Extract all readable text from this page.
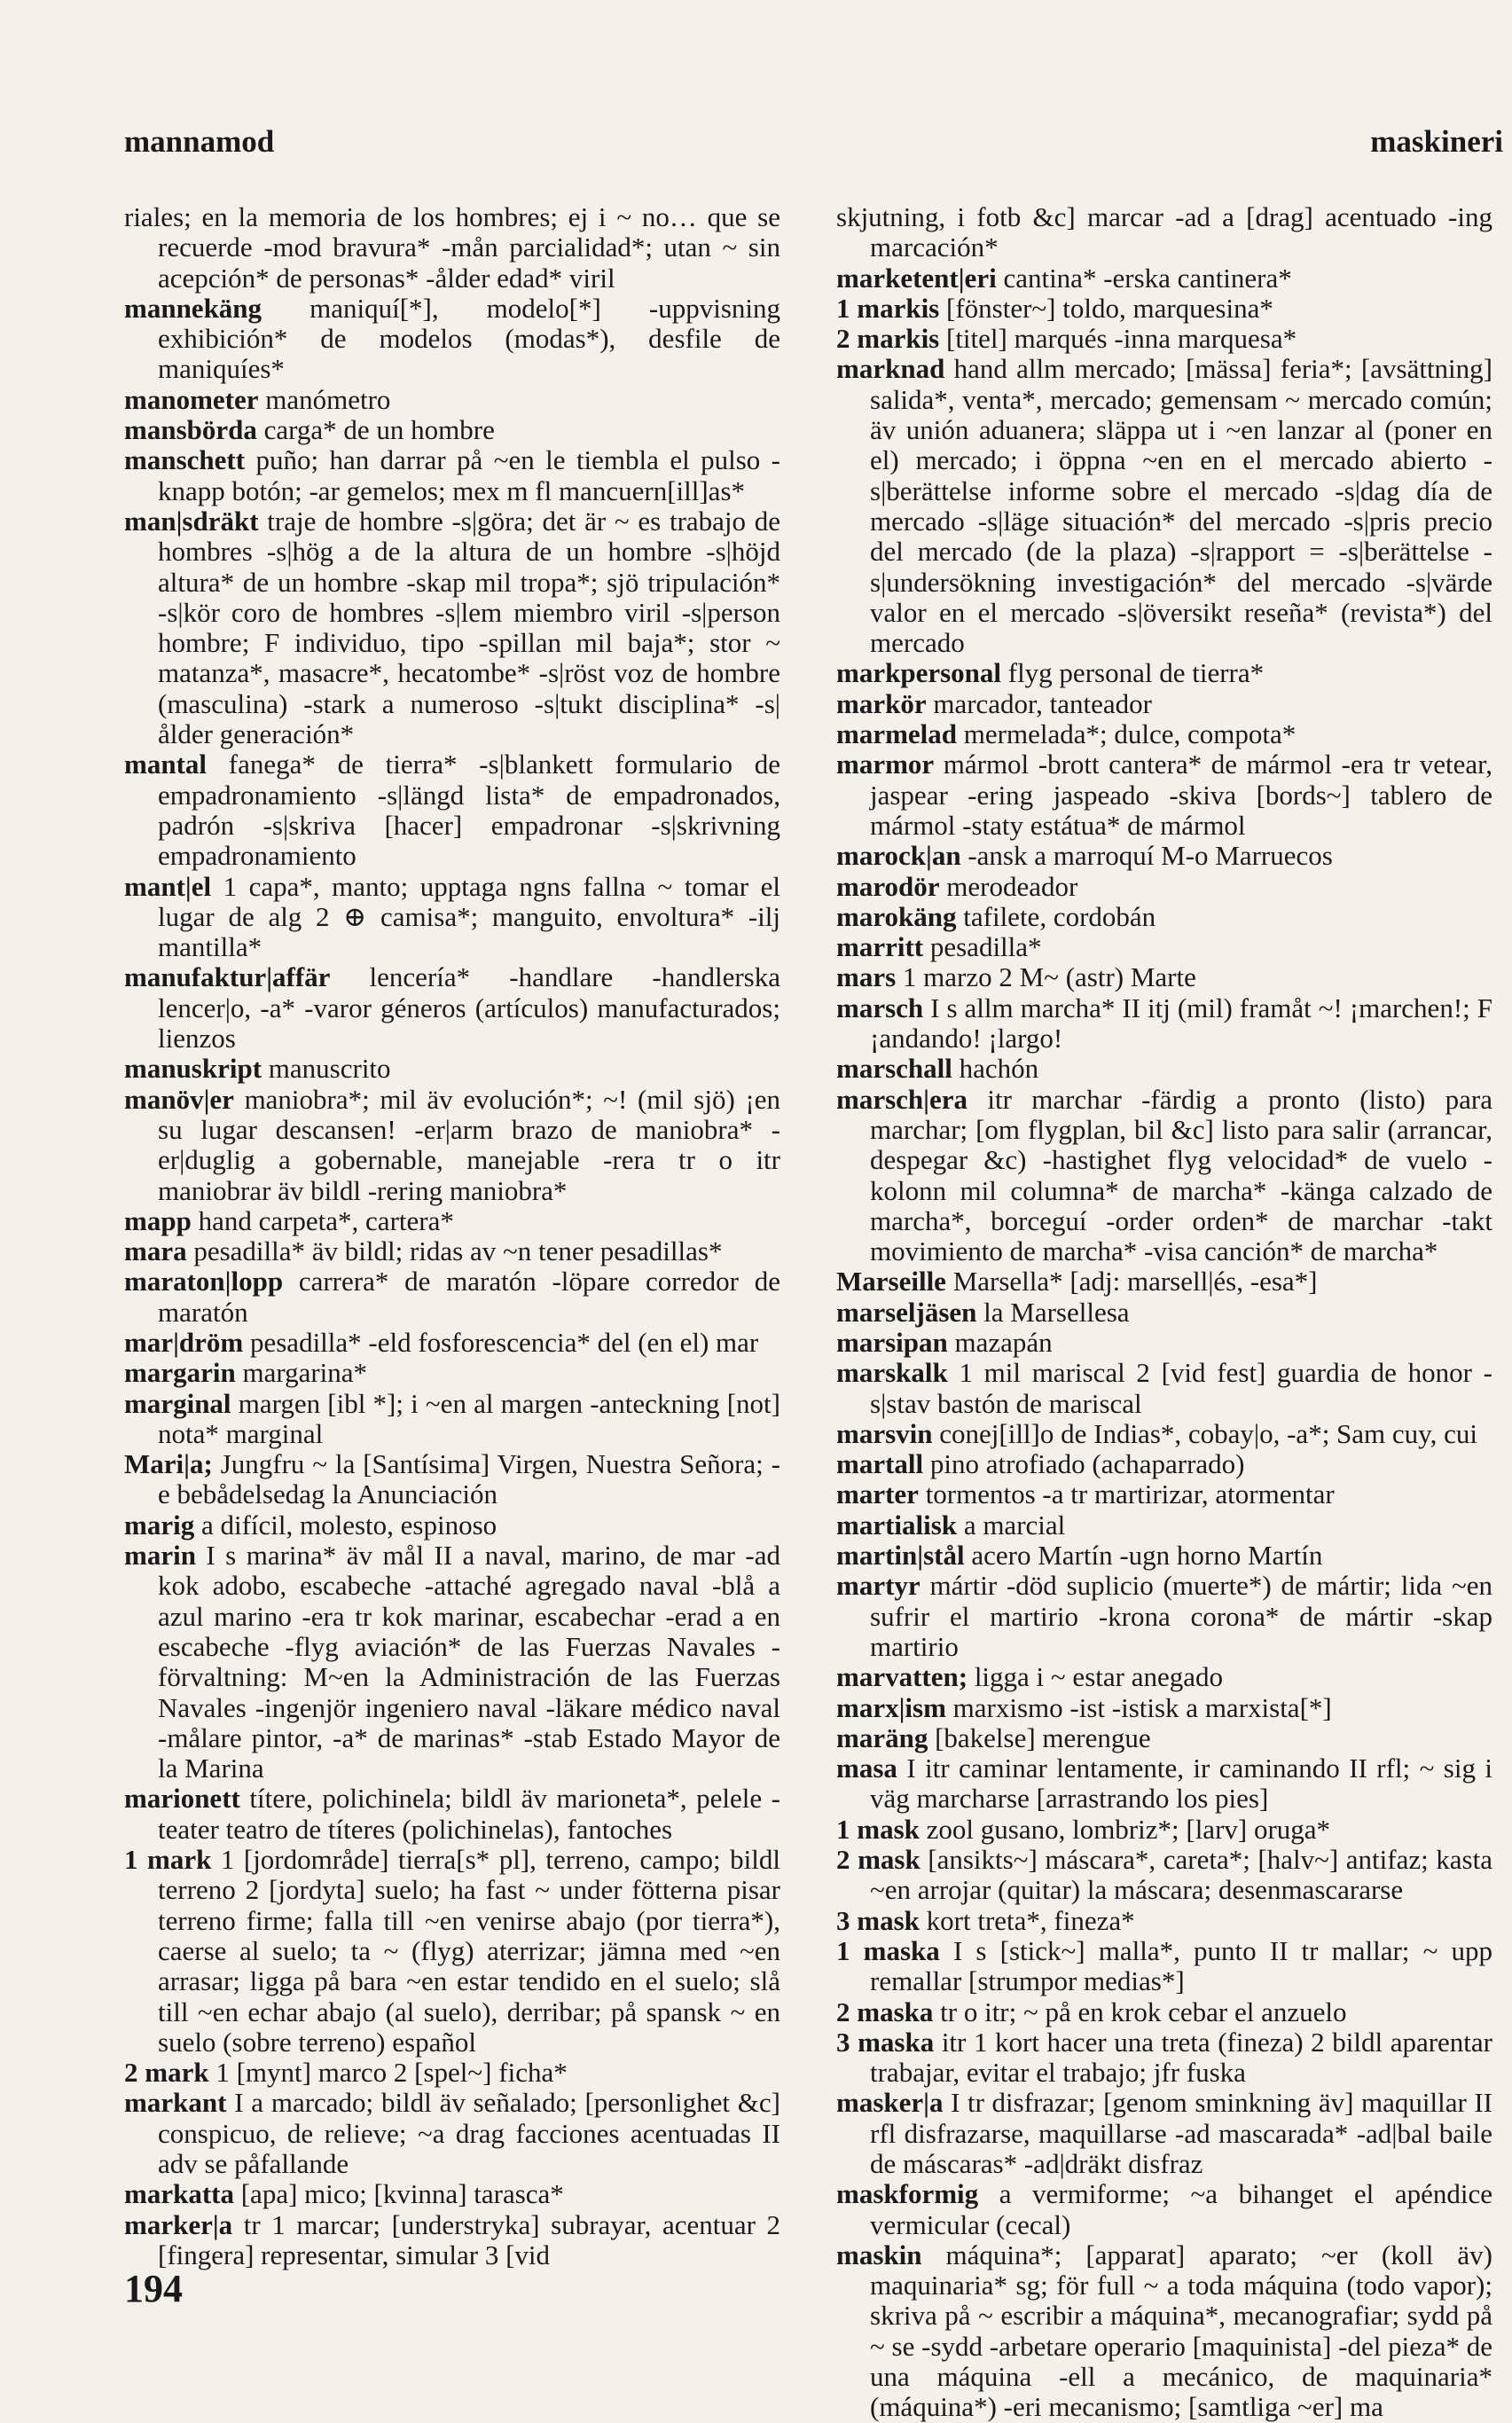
mannamod	maskineri

riales; en la memoria de los hombres; ej i ~ no… que se recuerde -mod bravura* -mån parcialidad*; utan ~ sin acepción* de personas* -ålder edad* viril

mannekäng maniquí[*], modelo[*] -uppvisning exhibición* de modelos (modas*), desfile de maniquíes*

manometer manómetro

mansbörda carga* de un hombre

manschett puño; han darrar på ~en le tiembla el pulso -knapp botón; -ar gemelos; mex m fl mancuern[ill]as*

man|sdräkt traje de hombre -s|göra; det är ~ es trabajo de hombres -s|hög a de la altura de un hombre -s|höjd altura* de un hombre -skap mil tropa*; sjö tripulación* -s|kör coro de hombres -s|lem miembro viril -s|person hombre; F individuo, tipo -spillan mil baja*; stor ~ matanza*, masacre*, hecatombe* -s|röst voz de hombre (masculina) -stark a numeroso -s|tukt disciplina* -s|ålder generación*

mantal fanega* de tierra* -s|blankett formulario de empadronamiento -s|längd lista* de empadronados, padrón -s|skriva [hacer] empadronar -s|skrivning empadronamiento

mant|el 1 capa*, manto; upptaga ngns fallna ~ tomar el lugar de alg 2 ⊕ camisa*; manguito, envoltura* -ilj mantilla*

manufaktur|affär lencería* -handlare -handlerska lencer|o, -a* -varor géneros (artículos) manufacturados; lienzos

manuskript manuscrito

manöv|er maniobra*; mil äv evolución*; ~! (mil sjö) ¡en su lugar descansen! -er|arm brazo de maniobra* -er|duglig a gobernable, manejable -rera tr o itr maniobrar äv bildl -rering maniobra*

mapp hand carpeta*, cartera*

mara pesadilla* äv bildl; ridas av ~n tener pesadillas*

maraton|lopp carrera* de maratón -löpare corredor de maratón

mar|dröm pesadilla* -eld fosforescencia* del (en el) mar

margarin margarina*

marginal margen [ibl *]; i ~en al margen -anteckning [not] nota* marginal

Mari|a; Jungfru ~ la [Santísima] Virgen, Nuestra Señora; -e bebådelsedag la Anunciación

marig a difícil, molesto, espinoso

marin I s marina* äv mål II a naval, marino, de mar -ad kok adobo, escabeche -attaché agregado naval -blå a azul marino -era tr kok marinar, escabechar -erad a en escabeche -flyg aviación* de las Fuerzas Navales -förvaltning: M~en la Administración de las Fuerzas Navales -ingenjör ingeniero naval -läkare médico naval -målare pintor, -a* de marinas* -stab Estado Mayor de la Marina

marionett títere, polichinela; bildl äv marioneta*, pelele -teater teatro de títeres (polichinelas), fantoches

1 mark 1 [jordområde] tierra[s* pl], terreno, campo; bildl terreno 2 [jordyta] suelo; ha fast ~ under fötterna pisar terreno firme; falla till ~en venirse abajo (por tierra*), caerse al suelo; ta ~ (flyg) aterrizar; jämna med ~en arrasar; ligga på bara ~en estar tendido en el suelo; slå till ~en echar abajo (al suelo), derribar; på spansk ~ en suelo (sobre terreno) español

2 mark 1 [mynt] marco 2 [spel~] ficha*

markant I a marcado; bildl äv señalado; [personlighet &c] conspicuo, de relieve; ~a drag facciones acentuadas II adv se påfallande

markatta [apa] mico; [kvinna] tarasca*

marker|a tr 1 marcar; [understryka] subrayar, acentuar 2 [fingera] representar, simular 3 [vid

skjutning, i fotb &c] marcar -ad a [drag] acentuado -ing marcación*

marketent|eri cantina* -erska cantinera*

1 markis [fönster~] toldo, marquesina*

2 markis [titel] marqués -inna marquesa*

marknad hand allm mercado; [mässa] feria*; [avsättning] salida*, venta*, mercado; gemensam ~ mercado común; äv unión aduanera; släppa ut i ~en lanzar al (poner en el) mercado; i öppna ~en en el mercado abierto -s|berättelse informe sobre el mercado -s|dag día de mercado -s|läge situación* del mercado -s|pris precio del mercado (de la plaza) -s|rapport = -s|berättelse -s|undersökning investigación* del mercado -s|värde valor en el mercado -s|översikt reseña* (revista*) del mercado

markpersonal flyg personal de tierra*

markör marcador, tanteador

marmelad mermelada*; dulce, compota*

marmor mármol -brott cantera* de mármol -era tr vetear, jaspear -ering jaspeado -skiva [bords~] tablero de mármol -staty estátua* de mármol

marock|an -ansk a marroquí M-o Marruecos

marodör merodeador

marokäng tafilete, cordobán

marritt pesadilla*

mars 1 marzo 2 M~ (astr) Marte

marsch I s allm marcha* II itj (mil) framåt ~! ¡marchen!; F ¡andando! ¡largo!

marschall hachón

marsch|era itr marchar -färdig a pronto (listo) para marchar; [om flygplan, bil &c] listo para salir (arrancar, despegar &c) -hastighet flyg velocidad* de vuelo -kolonn mil columna* de marcha* -känga calzado de marcha*, borceguí -order orden* de marchar -takt movimiento de marcha* -visa canción* de marcha*

Marseille Marsella* [adj: marsell|és, -esa*]

marseljäsen la Marsellesa

marsipan mazapán

marskalk 1 mil mariscal 2 [vid fest] guardia de honor -s|stav bastón de mariscal

marsvin conej[ill]o de Indias*, cobay|o, -a*; Sam cuy, cui

martall pino atrofiado (achaparrado)

marter tormentos -a tr martirizar, atormentar

martialisk a marcial

martin|stål acero Martín -ugn horno Martín

martyr mártir -död suplicio (muerte*) de mártir; lida ~en sufrir el martirio -krona corona* de mártir -skap martirio

marvatten; ligga i ~ estar anegado

marx|ism marxismo -ist -istisk a marxista[*]

maräng [bakelse] merengue

masa I itr caminar lentamente, ir caminando II rfl; ~ sig i väg marcharse [arrastrando los pies]

1 mask zool gusano, lombriz*; [larv] oruga*

2 mask [ansikts~] máscara*, careta*; [halv~] antifaz; kasta ~en arrojar (quitar) la máscara; desenmascararse

3 mask kort treta*, fineza*

1 maska I s [stick~] malla*, punto II tr mallar; ~ upp remallar [strumpor medias*]

2 maska tr o itr; ~ på en krok cebar el anzuelo

3 maska itr 1 kort hacer una treta (fineza) 2 bildl aparentar trabajar, evitar el trabajo; jfr fuska

masker|a I tr disfrazar; [genom sminkning äv] maquillar II rfl disfrazarse, maquillarse -ad mascarada* -ad|bal baile de máscaras* -ad|dräkt disfraz

maskformig a vermiforme; ~a bihanget el apéndice vermicular (cecal)

maskin máquina*; [apparat] aparato; ~er (koll äv) maquinaria* sg; för full ~ a toda máquina (todo vapor); skriva på ~ escribir a máquina*, mecanografiar; sydd på ~ se -sydd -arbetare operario [maquinista] -del pieza* de una máquina -ell a mecánico, de maquinaria* (máquina*) -eri mecanismo; [samtliga ~er] ma

194
